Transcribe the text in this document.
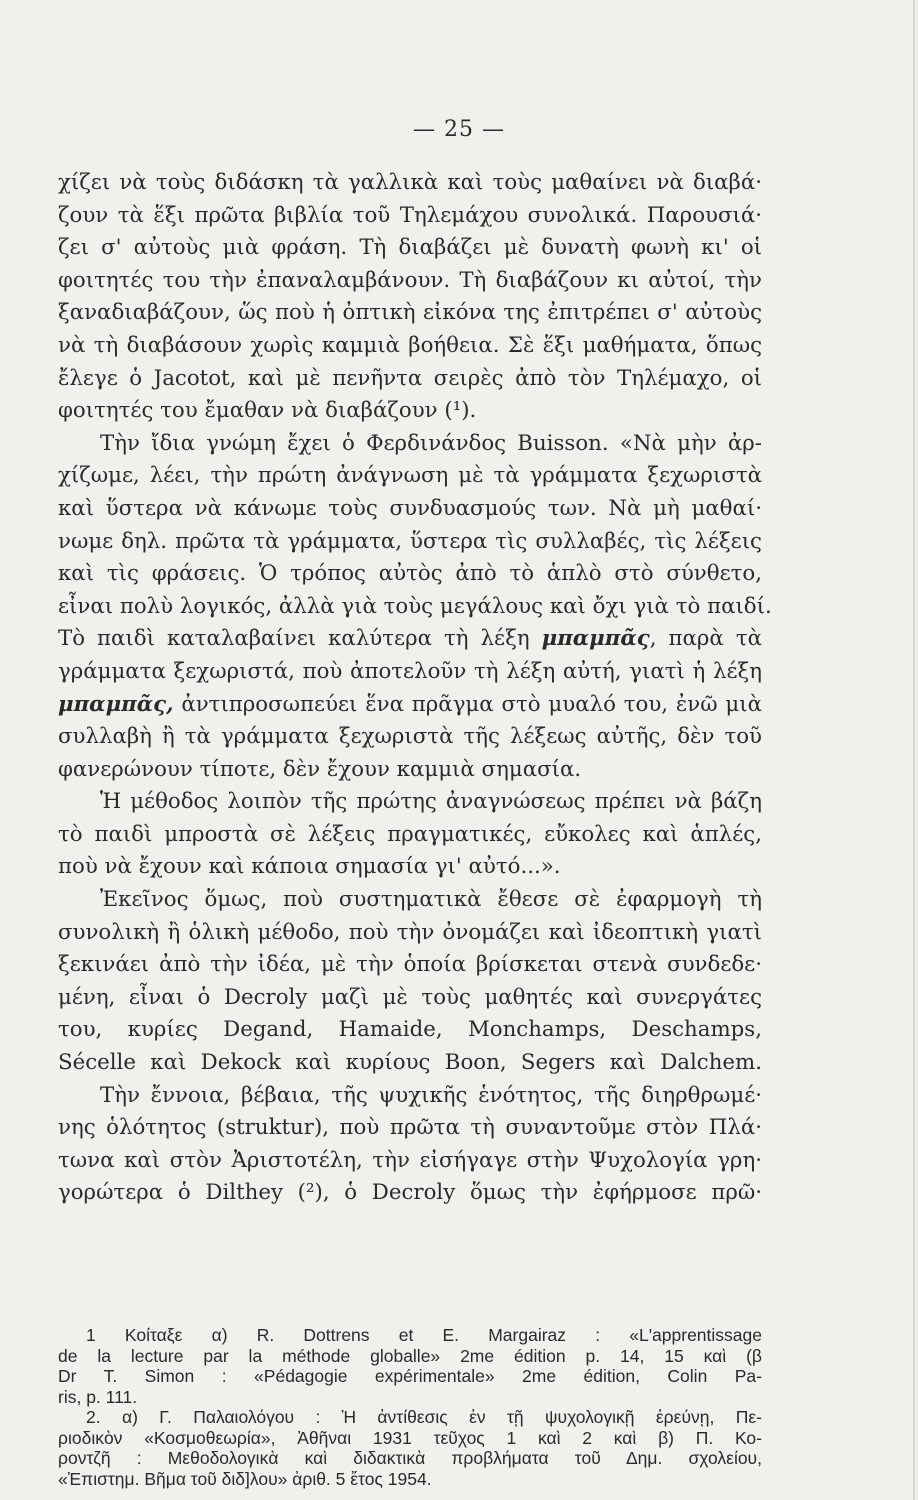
— 25 —
χίζει νὰ τοὺς διδάσκη τὰ γαλλικὰ καὶ τοὺς μαθαίνει νὰ διαβά·
ζουν τὰ ἕξι πρῶτα βιβλία τοῦ Τηλεμάχου συνολικά. Παρουσιά·
ζει σ' αὐτοὺς μιὰ φράση. Τὴ διαβάζει μὲ δυνατὴ φωνὴ κι' οἱ
φοιτητές του τὴν ἐπαναλαμβάνουν. Τὴ διαβάζουν κι αὐτοί, τὴν
ξαναδιαβάζουν, ὥς ποὺ ἡ ὀπτικὴ εἰκόνα της ἐπιτρέπει σ' αὐτοὺς
νὰ τὴ διαβάσουν χωρὶς καμμιὰ βοήθεια. Σὲ ἕξι μαθήματα, ὅπως
ἔλεγε ὁ Jacotot, καὶ μὲ πενῆντα σειρὲς ἀπὸ τὸν Τηλέμαχο, οἱ
φοιτητές του ἔμαθαν νὰ διαβάζουν (¹).
Τὴν ἴδια γνώμη ἔχει ὁ Φερδινάνδος Buisson. «Νὰ μὴν ἀρ-
χίζωμε, λέει, τὴν πρώτη ἀνάγνωση μὲ τὰ γράμματα ξεχωριστὰ
καὶ ὕστερα νὰ κάνωμε τοὺς συνδυασμούς των. Νὰ μὴ μαθαί·
νωμε δηλ. πρῶτα τὰ γράμματα, ὕστερα τὶς συλλαβές, τὶς λέξεις
καὶ τὶς φράσεις. Ὁ τρόπος αὐτὸς ἀπὸ τὸ ἁπλὸ στὸ σύνθετο,
εἶναι πολὺ λογικός, ἀλλὰ γιὰ τοὺς μεγάλους καὶ ὄχι γιὰ τὸ παιδί.
Τὸ παιδὶ καταλαβαίνει καλύτερα τὴ λέξη μπαμπᾶς, παρὰ τὰ
γράμματα ξεχωριστά, ποὺ ἀποτελοῦν τὴ λέξη αὐτή, γιατὶ ἡ λέξη
μπαμπᾶς, ἀντιπροσωπεύει ἕνα πρᾶγμα στὸ μυαλό του, ἐνῶ μιὰ
συλλαβὴ ἢ τὰ γράμματα ξεχωριστὰ τῆς λέξεως αὐτῆς, δὲν τοῦ
φανερώνουν τίποτε, δὲν ἔχουν καμμιὰ σημασία.
Ἡ μέθοδος λοιπὸν τῆς πρώτης ἀναγνώσεως πρέπει νὰ βάζη
τὸ παιδὶ μπροστὰ σὲ λέξεις πραγματικές, εὔκολες καὶ ἁπλές,
ποὺ νὰ ἔχουν καὶ κάποια σημασία γι' αὐτό...».
Ἐκεῖνος ὅμως, ποὺ συστηματικὰ ἔθεσε σὲ ἐφαρμογὴ τὴ
συνολικὴ ἢ ὁλικὴ μέθοδο, ποὺ τὴν ὀνομάζει καὶ ἰδεοπτικὴ γιατὶ
ξεκινάει ἀπὸ τὴν ἰδέα, μὲ τὴν ὁποία βρίσκεται στενὰ συνδεδε·
μένη, εἶναι ὁ Decroly μαζὶ μὲ τοὺς μαθητές καὶ συνεργάτες
του, κυρίες Degand, Hamaide, Monchamps, Deschamps,
Sécelle καὶ Dekock καὶ κυρίους Boon, Segers καὶ Dalchem.
Τὴν ἔννοια, βέβαια, τῆς ψυχικῆς ἑνότητος, τῆς διηρθρωμέ·
νης ὁλότητος (struktur), ποὺ πρῶτα τὴ συναντοῦμε στὸν Πλά·
τωνα καὶ στὸν Ἀριστοτέλη, τὴν εἰσήγαγε στὴν Ψυχολογία γρη·
γορώτερα ὁ Dilthey (²), ὁ Decroly ὅμως τὴν ἐφήρμοσε πρῶ·
1 Κοίταξε α) R. Dottrens et E. Margairaz : «L'apprentissage
de la lecture par la méthode globalle» 2me édition p. 14, 15 καὶ (β
Dr T. Simon : «Pédagogie expérimentale» 2me édition, Colin Pa-
ris, p. 111.
2. α) Γ. Παλαιολόγου : Ἡ ἀντίθεσις ἐν τῇ ψυχολογικῇ ἐρεύνῃ, Πε-
ριοδικὸν «Κοσμοθεωρία», Ἀθῆναι 1931 τεῦχος 1 καὶ 2 καὶ β) Π. Κο-
ροντζῆ : Μεθοδολογικὰ καὶ διδακτικὰ προβλήματα τοῦ Δημ. σχολείου,
«Ἐπιστημ. Βῆμα τοῦ διδ]λου» ἀριθ. 5 ἔτος 1954.
